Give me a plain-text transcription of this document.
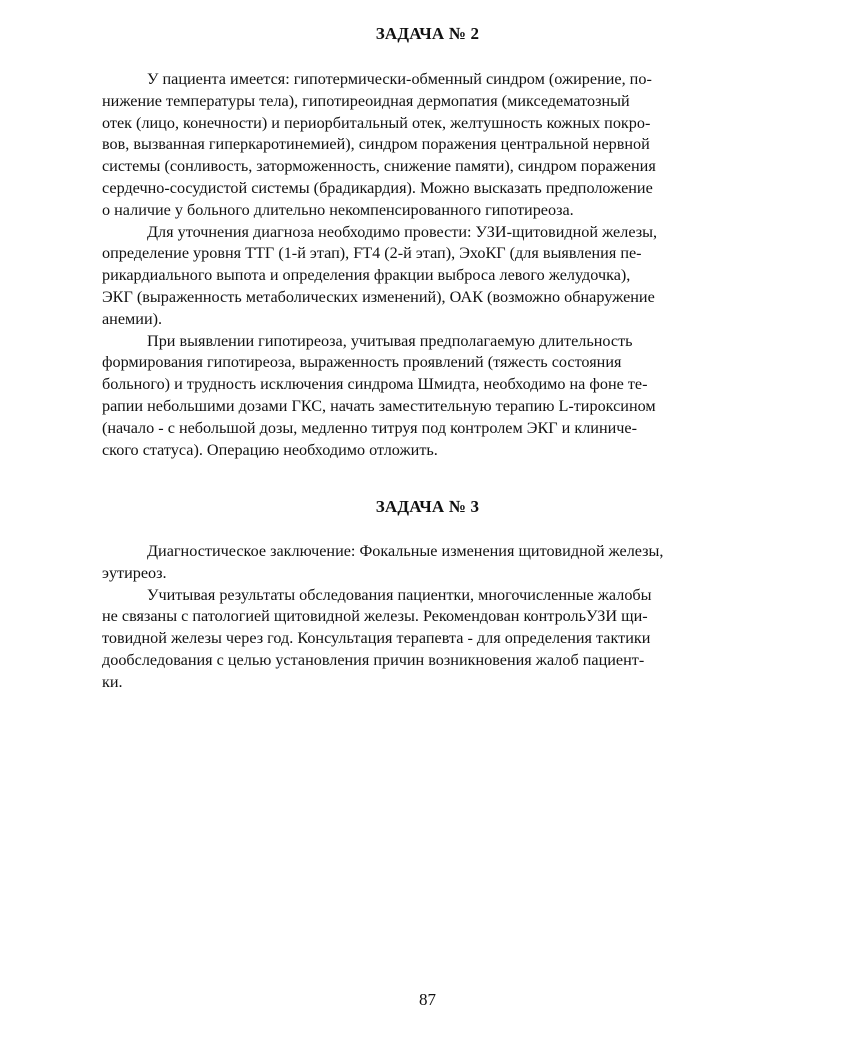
ЗАДАЧА № 2

У пациента имеется: гипотермически-обменный синдром (ожирение, по-
нижение температуры тела), гипотиреоидная дермопатия (микседематозный
отек (лицо, конечности) и периорбитальный отек, желтушность кожных покро-
вов, вызванная гиперкаротинемией), синдром поражения центральной нервной
системы (сонливость, заторможенность, снижение памяти), синдром поражения
сердечно-сосудистой системы (брадикардия). Можно высказать предположение
о наличие у больного длительно некомпенсированного гипотиреоза.

Для уточнения диагноза необходимо провести: УЗИ-щитовидной железы,
определение уровня ТТГ (1-й этап), FT4 (2-й этап), ЭхоКГ (для выявления пе-
рикардиального выпота и определения фракции выброса левого желудочка),
ЭКГ (выраженность метаболических изменений), ОАК (возможно обнаружение
анемии).

При выявлении гипотиреоза, учитывая предполагаемую длительность
формирования гипотиреоза, выраженность проявлений (тяжесть состояния
больного) и трудность исключения синдрома Шмидта, необходимо на фоне те-
рапии небольшими дозами ГКС, начать заместительную терапию L-тироксином
(начало - с небольшой дозы, медленно титруя под контролем ЭКГ и клиниче-
ского статуса). Операцию необходимо отложить.

ЗАДАЧА № 3

Диагностическое заключение: Фокальные изменения щитовидной железы,
эутиреоз.

Учитывая результаты обследования пациентки, многочисленные жалобы
не связаны с патологией щитовидной железы. Рекомендован контрольУЗИ щи-
товидной железы через год. Консультация терапевта - для определения тактики
дообследования с целью установления причин возникновения жалоб пациент-
ки.

87
